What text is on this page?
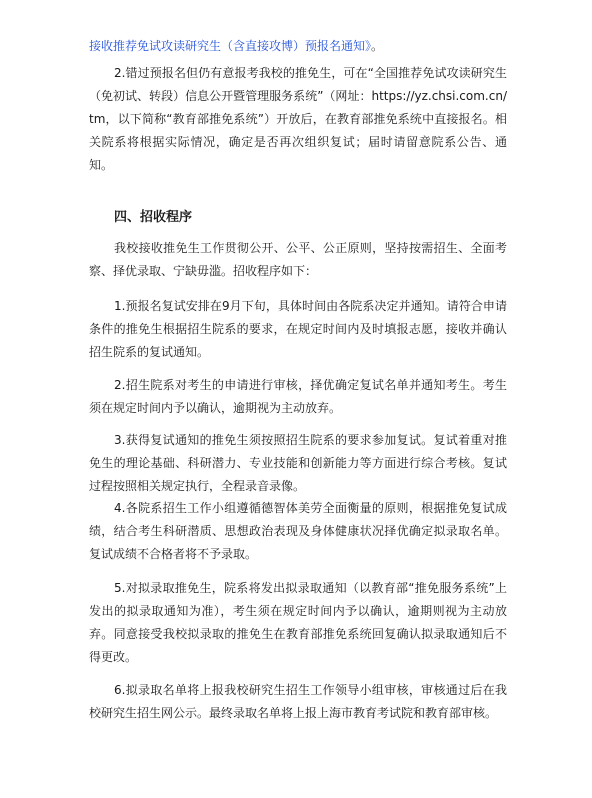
接收推荐免试攻读研究生（含直接攻博）预报名通知》。

2.错过预报名但仍有意报考我校的推免生，可在“全国推荐免试攻读研究生（免初试、转段）信息公开暨管理服务系统”（网址：https://yz.chsi.com.cn/tm，以下简称“教育部推免系统”）开放后，在教育部推免系统中直接报名。相关院系将根据实际情况，确定是否再次组织复试；届时请留意院系公告、通知。

四、招收程序

我校接收推免生工作贯彻公开、公平、公正原则，坚持按需招生、全面考察、择优录取、宁缺毋滥。招收程序如下：

1.预报名复试安排在9月下旬，具体时间由各院系决定并通知。请符合申请条件的推免生根据招生院系的要求，在规定时间内及时填报志愿，接收并确认招生院系的复试通知。

2.招生院系对考生的申请进行审核，择优确定复试名单并通知考生。考生须在规定时间内予以确认，逾期视为主动放弃。

3.获得复试通知的推免生须按照招生院系的要求参加复试。复试着重对推免生的理论基础、科研潜力、专业技能和创新能力等方面进行综合考核。复试过程按照相关规定执行，全程录音录像。

4.各院系招生工作小组遵循德智体美劳全面衡量的原则，根据推免复试成绩，结合考生科研潜质、思想政治表现及身体健康状况择优确定拟录取名单。复试成绩不合格者将不予录取。

5.对拟录取推免生，院系将发出拟录取通知（以教育部“推免服务系统”上发出的拟录取通知为准），考生须在规定时间内予以确认，逾期则视为主动放弃。同意接受我校拟录取的推免生在教育部推免系统回复确认拟录取通知后不得更改。

6.拟录取名单将上报我校研究生招生工作领导小组审核，审核通过后在我校研究生招生网公示。最终录取名单将上报上海市教育考试院和教育部审核。
